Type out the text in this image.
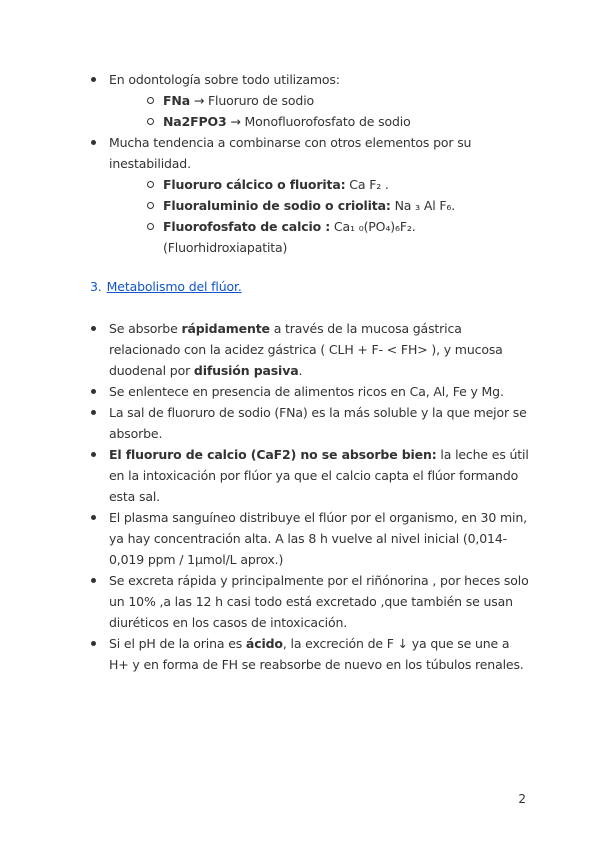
En odontología sobre todo utilizamos:
FNa → Fluoruro de sodio
Na2FPO3 → Monofluorofosfato de sodio
Mucha tendencia a combinarse con otros elementos por su inestabilidad.
Fluoruro cálcico o fluorita: Ca F₂ .
Fluoraluminio de sodio o criolita: Na ₃ Al F₆.
Fluorofosfato de calcio : Ca₁ ₀(PO₄)₆F₂. (Fluorhidroxiapatita)
3. Metabolismo del flúor.
Se absorbe rápidamente a través de la mucosa gástrica relacionado con la acidez gástrica ( CLH + F- < FH> ), y mucosa duodenal por difusión pasiva.
Se enlentece en presencia de alimentos ricos en Ca, Al, Fe y Mg.
La sal de fluoruro de sodio (FNa) es la más soluble y la que mejor se absorbe.
El fluoruro de calcio (CaF2) no se absorbe bien: la leche es útil en la intoxicación por flúor ya que el calcio capta el flúor formando esta sal.
El plasma sanguíneo distribuye el flúor por el organismo, en 30 min, ya hay concentración alta. A las 8 h vuelve al nivel inicial (0,014-0,019 ppm / 1μmol/L aprox.)
Se excreta rápida y principalmente por el riñónorina , por heces solo un 10% ,a las 12 h casi todo está excretado ,que también se usan diuréticos en los casos de intoxicación.
Si el pH de la orina es ácido, la excreción de F ↓ ya que se une a H+ y en forma de FH se reabsorbe de nuevo en los túbulos renales.
2
